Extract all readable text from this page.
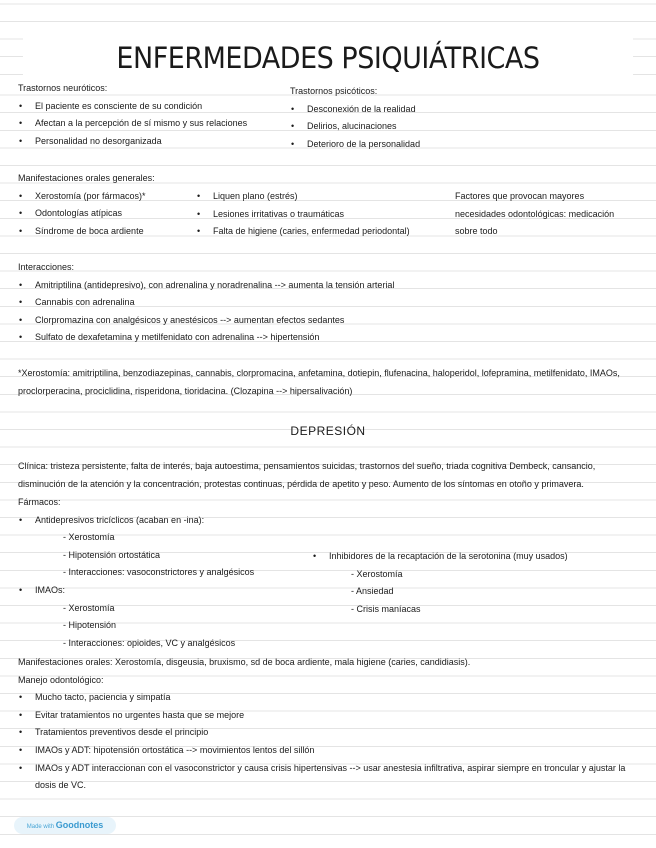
ENFERMEDADES PSIQUIÁTRICAS
Trastornos neuróticos:
• El paciente es consciente de su condición
• Afectan a la percepción de sí mismo y sus relaciones
• Personalidad no desorganizada
Trastornos psicóticos:
• Desconexión de la realidad
• Delirios, alucinaciones
• Deterioro de la personalidad
Manifestaciones orales generales:
• Xerostomía (por fármacos)*
• Odontologías atípicas
• Síndrome de boca ardiente
• Liquen plano (estrés)
• Lesiones irritativas o traumáticas
• Falta de higiene (caries, enfermedad periodontal)
Factores que provocan mayores
necesidades odontológicas: medicación
sobre todo
Interacciones:
• Amitriptilina (antidepresivo), con adrenalina y noradrenalina --> aumenta la tensión arterial
• Cannabis con adrenalina
• Clorpromazina con analgésicos y anestésicos --> aumentan efectos sedantes
• Sulfato de dexafetamina y metilfenidato con adrenalina --> hipertensión
*Xerostomía: amitriptilina, benzodiazepinas, cannabis, clorpromacina, anfetamina, dotiepin, flufenacina, haloperidol, lofepramina, metilfenidato, IMAOs, proclorperacina, prociclidina, risperidona, tioridacina. (Clozapina --> hipersalivación)
DEPRESIÓN
Clínica: tristeza persistente, falta de interés, baja autoestima, pensamientos suicidas, trastornos del sueño, triada cognitiva Dembeck, cansancio, disminución de la atención y la concentración, protestas continuas, pérdida de apetito y peso. Aumento de los síntomas en otoño y primavera.
Fármacos:
• Antidepresivos tricíclicos (acaban en -ina):
- Xerostomía
- Hipotensión ortostática
- Interacciones: vasoconstrictores y analgésicos
• IMAOs:
- Xerostomía
- Hipotensión
- Interacciones: opioides, VC y analgésicos
• Inhibidores de la recaptación de la serotonina (muy usados)
- Xerostomía
- Ansiedad
- Crisis maníacas
Manifestaciones orales: Xerostomía, disgeusia, bruxismo, sd de boca ardiente, mala higiene (caries, candidiasis).
Manejo odontológico:
• Mucho tacto, paciencia y simpatía
• Evitar tratamientos no urgentes hasta que se mejore
• Tratamientos preventivos desde el principio
• IMAOs y ADT: hipotensión ortostática --> movimientos lentos del sillón
• IMAOs y ADT interaccionan con el vasoconstrictor y causa crisis hipertensivas --> usar anestesia infiltrativa, aspirar siempre en troncular y ajustar la dosis de VC.
Made with Goodnotes
